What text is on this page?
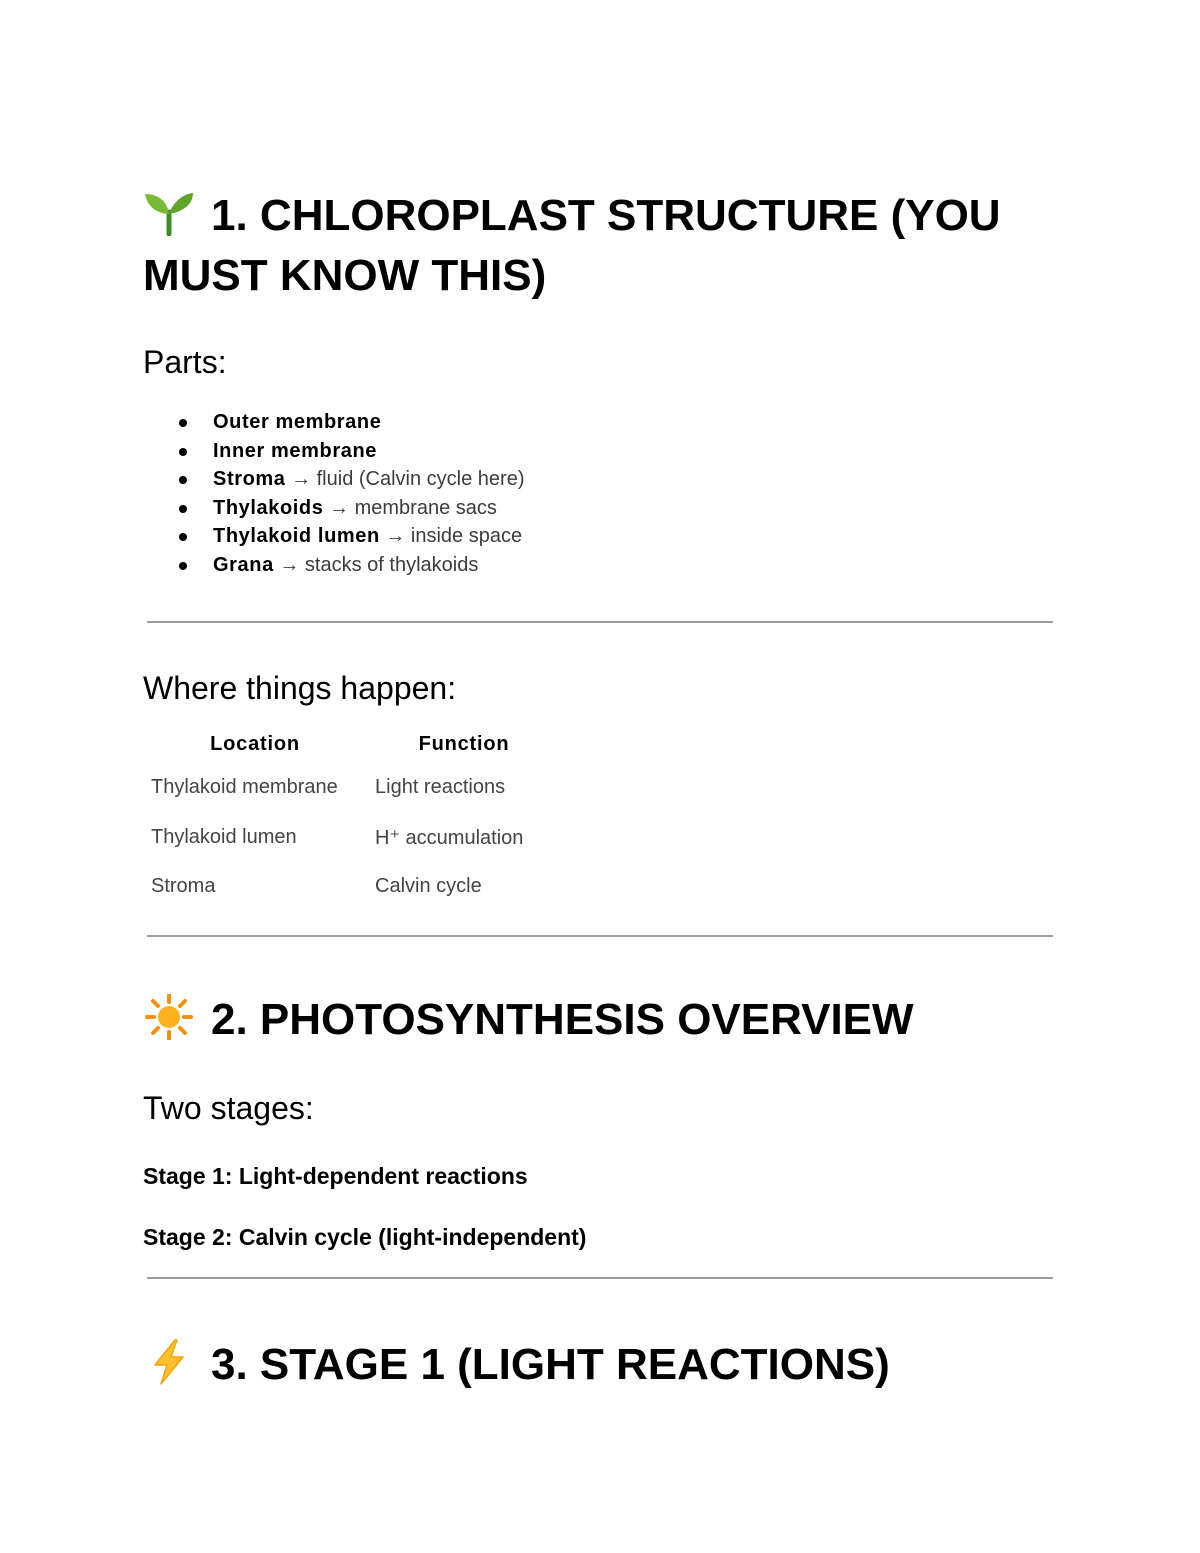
1. CHLOROPLAST STRUCTURE (YOU MUST KNOW THIS)
Parts:
Outer membrane
Inner membrane
Stroma → fluid (Calvin cycle here)
Thylakoids → membrane sacs
Thylakoid lumen → inside space
Grana → stacks of thylakoids
Where things happen:
Location	Function
Thylakoid membrane	Light reactions
Thylakoid lumen	H⁺ accumulation
Stroma	Calvin cycle
2. PHOTOSYNTHESIS OVERVIEW
Two stages:

Stage 1: Light-dependent reactions

Stage 2: Calvin cycle (light-independent)

3. STAGE 1 (LIGHT REACTIONS)
